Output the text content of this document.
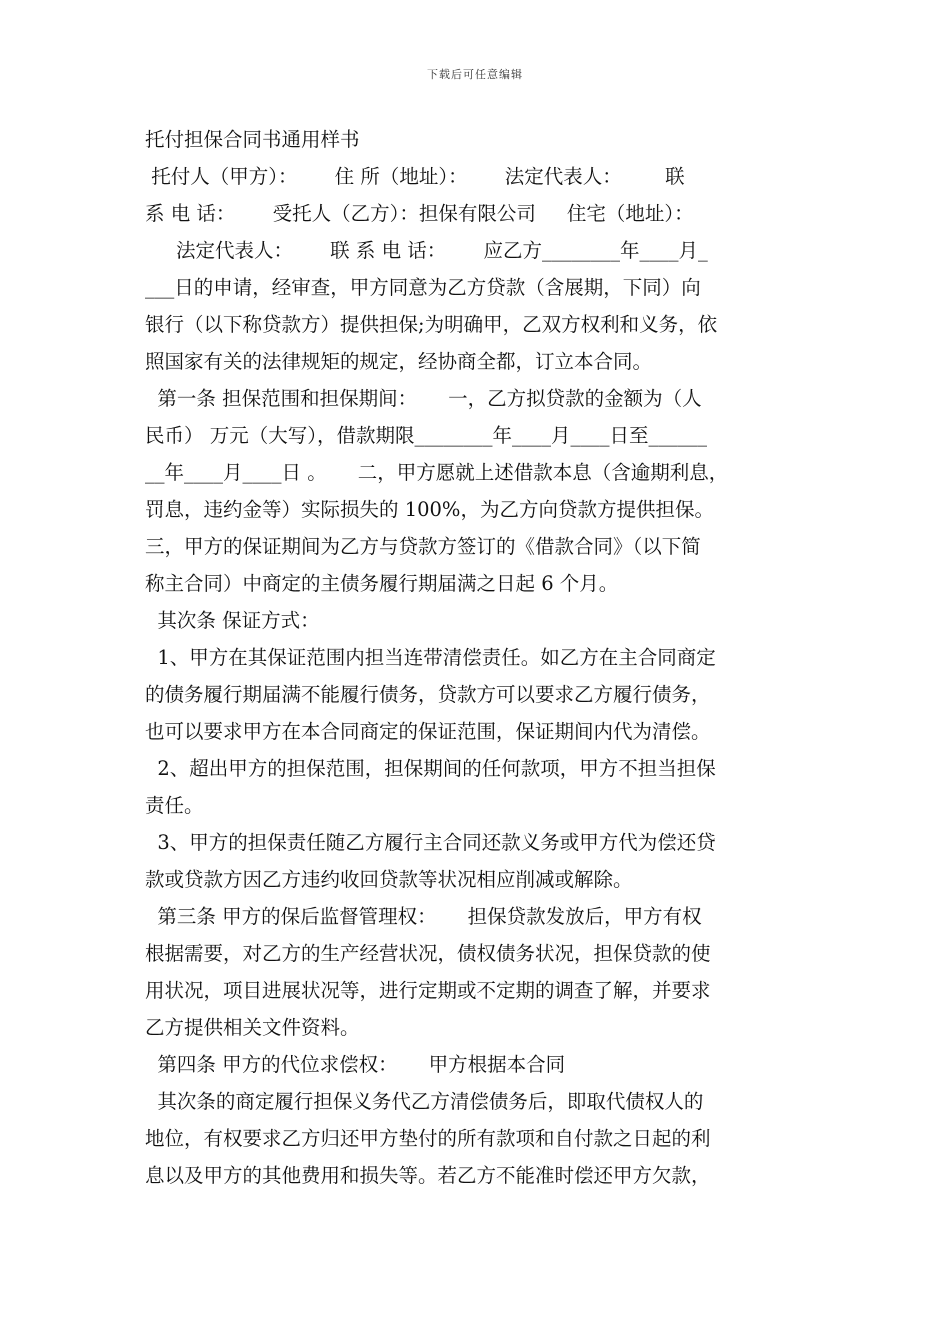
下载后可任意编辑
托付担保合同书通用样书
托付人（甲方）：      住 所（地址）：      法定代表人：       联
系 电 话：      受托人（乙方）：担保有限公司     住宅（地址）：
法定代表人：      联 系 电 话：      应乙方________年____月_
___日的申请，经审查，甲方同意为乙方贷款（含展期，下同）向
银行（以下称贷款方）提供担保;为明确甲，乙双方权利和义务，依
照国家有关的法律规矩的规定，经协商全都，订立本合同。
第一条 担保范围和担保期间：     一，乙方拟贷款的金额为（人
民币） 万元（大写），借款期限________年____月____日至______
__年____月____日 。     二，甲方愿就上述借款本息（含逾期利息，
罚息，违约金等）实际损失的 100%，为乙方向贷款方提供担保。
三，甲方的保证期间为乙方与贷款方签订的《借款合同》（以下简
称主合同）中商定的主债务履行期届满之日起 6 个月。
其次条 保证方式：
1、甲方在其保证范围内担当连带清偿责任。如乙方在主合同商定
的债务履行期届满不能履行债务，贷款方可以要求乙方履行债务，
也可以要求甲方在本合同商定的保证范围，保证期间内代为清偿。
2、超出甲方的担保范围，担保期间的任何款项，甲方不担当担保
责任。
3、甲方的担保责任随乙方履行主合同还款义务或甲方代为偿还贷
款或贷款方因乙方违约收回贷款等状况相应削减或解除。
第三条 甲方的保后监督管理权：     担保贷款发放后，甲方有权
根据需要，对乙方的生产经营状况，债权债务状况，担保贷款的使
用状况，项目进展状况等，进行定期或不定期的调查了解，并要求
乙方提供相关文件资料。
第四条 甲方的代位求偿权：     甲方根据本合同
其次条的商定履行担保义务代乙方清偿债务后，即取代债权人的
地位，有权要求乙方归还甲方垫付的所有款项和自付款之日起的利
息以及甲方的其他费用和损失等。若乙方不能准时偿还甲方欠款，
